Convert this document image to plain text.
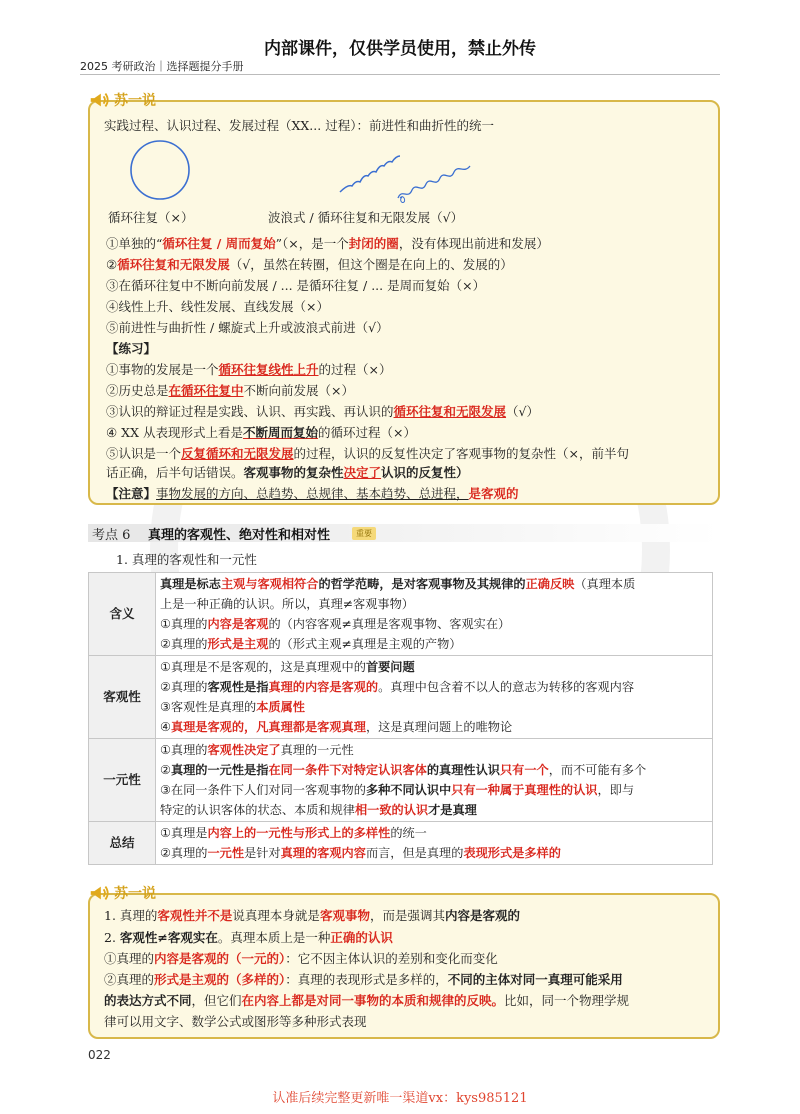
内部课件，仅供学员使用，禁止外传
2025 考研政治｜选择题提分手册
苏一说
实践过程、认识过程、发展过程（XX... 过程）：前进性和曲折性的统一
循环往复（×）	波浪式 / 循环往复和无限发展（√）
①单独的“循环往复 / 周而复始”（×，是一个封闭的圈，没有体现出前进和发展）
②循环往复和无限发展（√，虽然在转圈，但这个圈是在向上的、发展的）
③在循环往复中不断向前发展 / ... 是循环往复 / ... 是周而复始（×）
④线性上升、线性发展、直线发展（×）
⑤前进性与曲折性 / 螺旋式上升或波浪式前进（√）
【练习】
①事物的发展是一个循环往复线性上升的过程（×）
②历史总是在循环往复中不断向前发展（×）
③认识的辩证过程是实践、认识、再实践、再认识的循环往复和无限发展（√）
④ XX 从表现形式上看是不断周而复始的循环过程（×）
⑤认识是一个反复循环和无限发展的过程，认识的反复性决定了客观事物的复杂性（×，前半句
话正确，后半句话错误。客观事物的复杂性决定了认识的反复性）
【注意】事物发展的方向、总趋势、总规律、基本趋势、总进程，是客观的
考点 6 真理的客观性、绝对性和相对性	重要
1. 真理的客观性和一元性
含义	真理是标志主观与客观相符合的哲学范畴，是对客观事物及其规律的正确反映（真理本质
上是一种正确的认识。所以，真理≠客观事物）
①真理的内容是客观的（内容客观≠真理是客观事物、客观实在）
②真理的形式是主观的（形式主观≠真理是主观的产物）

客观性	①真理是不是客观的，这是真理观中的首要问题
②真理的客观性是指真理的内容是客观的。真理中包含着不以人的意志为转移的客观内容
③客观性是真理的本质属性
④真理是客观的，凡真理都是客观真理，这是真理问题上的唯物论

一元性	①真理的客观性决定了真理的一元性
②真理的一元性是指在同一条件下对特定认识客体的真理性认识只有一个，而不可能有多个
③在同一条件下人们对同一客观事物的多种不同认识中只有一种属于真理性的认识，即与
特定的认识客体的状态、本质和规律相一致的认识才是真理

总结	①真理是内容上的一元性与形式上的多样性的统一
②真理的一元性是针对真理的客观内容而言，但是真理的表现形式是多样的
苏一说
1. 真理的客观性并不是说真理本身就是客观事物，而是强调其内容是客观的
2. 客观性≠客观实在。真理本质上是一种正确的认识
①真理的内容是客观的（一元的）：它不因主体认识的差别和变化而变化
②真理的形式是主观的（多样的）：真理的表现形式是多样的，不同的主体对同一真理可能采用
的表达方式不同，但它们在内容上都是对同一事物的本质和规律的反映。比如，同一个物理学规
律可以用文字、数学公式或图形等多种形式表现
022
认准后续完整更新唯一渠道vx：kys985121
